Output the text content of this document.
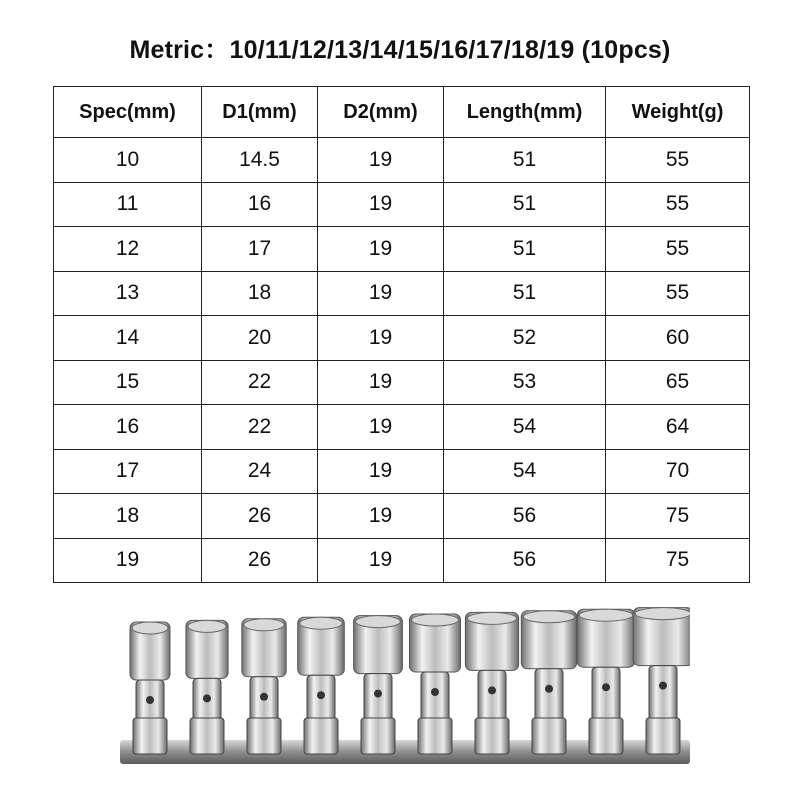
Metric：10/11/12/13/14/15/16/17/18/19 (10pcs)
Spec(mm)	D1(mm)	D2(mm)	Length(mm)	Weight(g)
10	14.5	19	51	55
11	16	19	51	55
12	17	19	51	55
13	18	19	51	55
14	20	19	52	60
15	22	19	53	65
16	22	19	54	64
17	24	19	54	70
18	26	19	56	75
19	26	19	56	75
